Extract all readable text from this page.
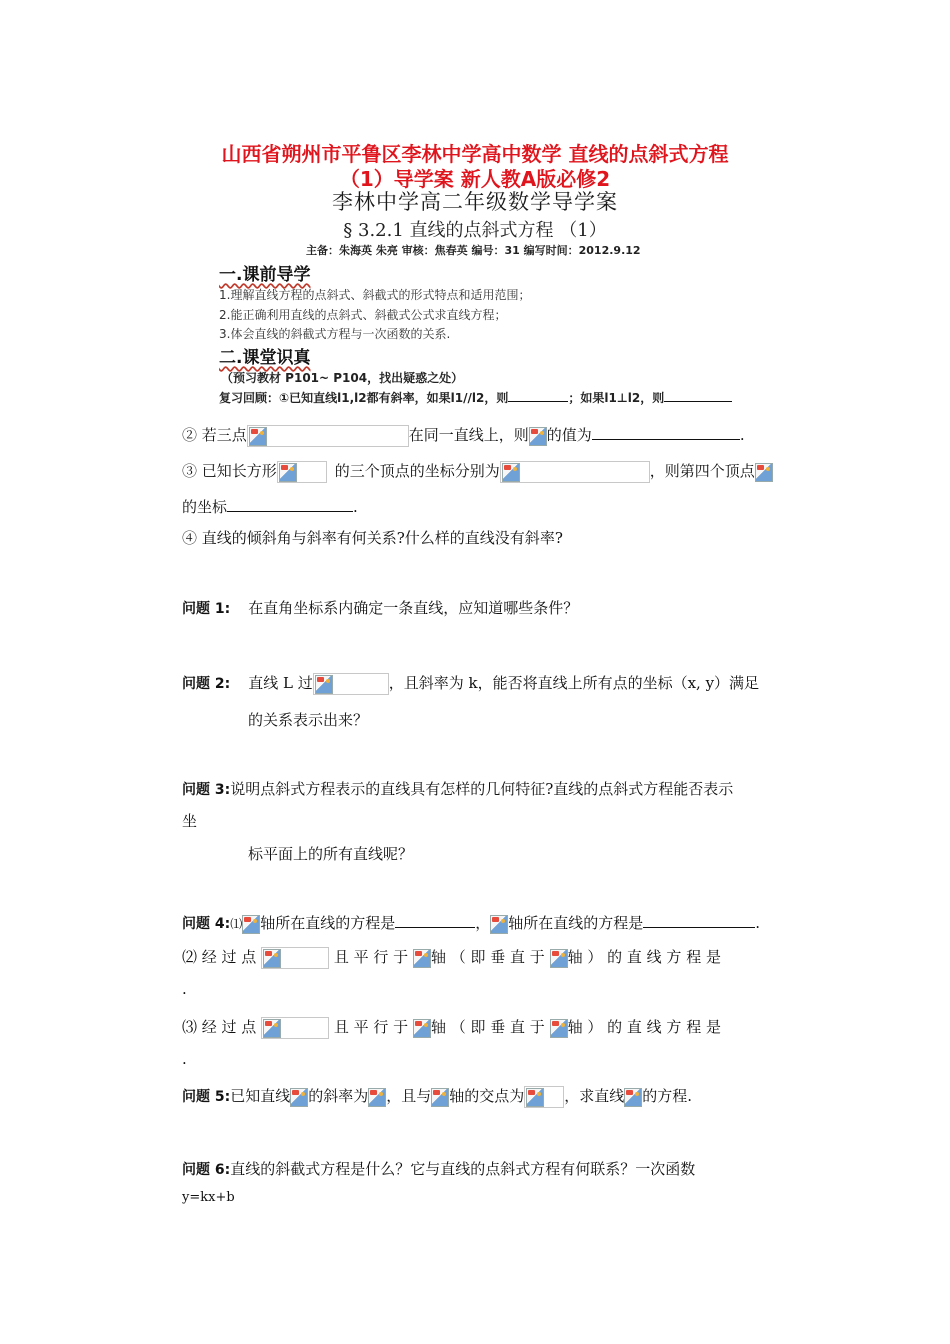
山西省朔州市平鲁区李林中学高中数学 直线的点斜式方程
（1）导学案 新人教A版必修2
李林中学高二年级数学导学案
§ 3.2.1 直线的点斜式方程 （1）
主备：朱海英 朱亮 审核：焦春英 编号：31 编写时间：2012.9.12
一.课前导学
1.理解直线方程的点斜式、斜截式的形式特点和适用范围；
2.能正确利用直线的点斜式、斜截式公式求直线方程；
3.体会直线的斜截式方程与一次函数的关系.
二.课堂识真
（预习教材 P101~ P104，找出疑惑之处）
复习回顾：①已知直线l1,l2都有斜率，如果l1//l2，则	；如果l1⊥l2，则
② 若三点	在同一直线上，则 的值为	.
③ 已知长方形	的三个顶点的坐标分别为	，则第四个顶点
的坐标	.
④ 直线的倾斜角与斜率有何关系?什么样的直线没有斜率?
问题 1: 在直角坐标系内确定一条直线，应知道哪些条件？
问题 2: 直线 L 过	，且斜率为 k，能否将直线上所有点的坐标（x, y）满足
的关系表示出来？
问题 3:说明点斜式方程表示的直线具有怎样的几何特征?直线的点斜式方程能否表示
坐
标平面上的所有直线呢？
问题 4:⑴ 轴所在直线的方程是	， 轴所在直线的方程是	.
⑵ 经 过 点	且 平 行 于 轴 （ 即 垂 直 于 轴 ） 的 直 线 方 程 是
.
⑶ 经 过 点	且 平 行 于 轴 （ 即 垂 直 于 轴 ） 的 直 线 方 程 是
.
问题 5:已知直线 的斜率为 ，且与 轴的交点为	，求直线 的方程.
问题 6:直线的斜截式方程是什么？它与直线的点斜式方程有何联系？一次函数
y=kx+b
